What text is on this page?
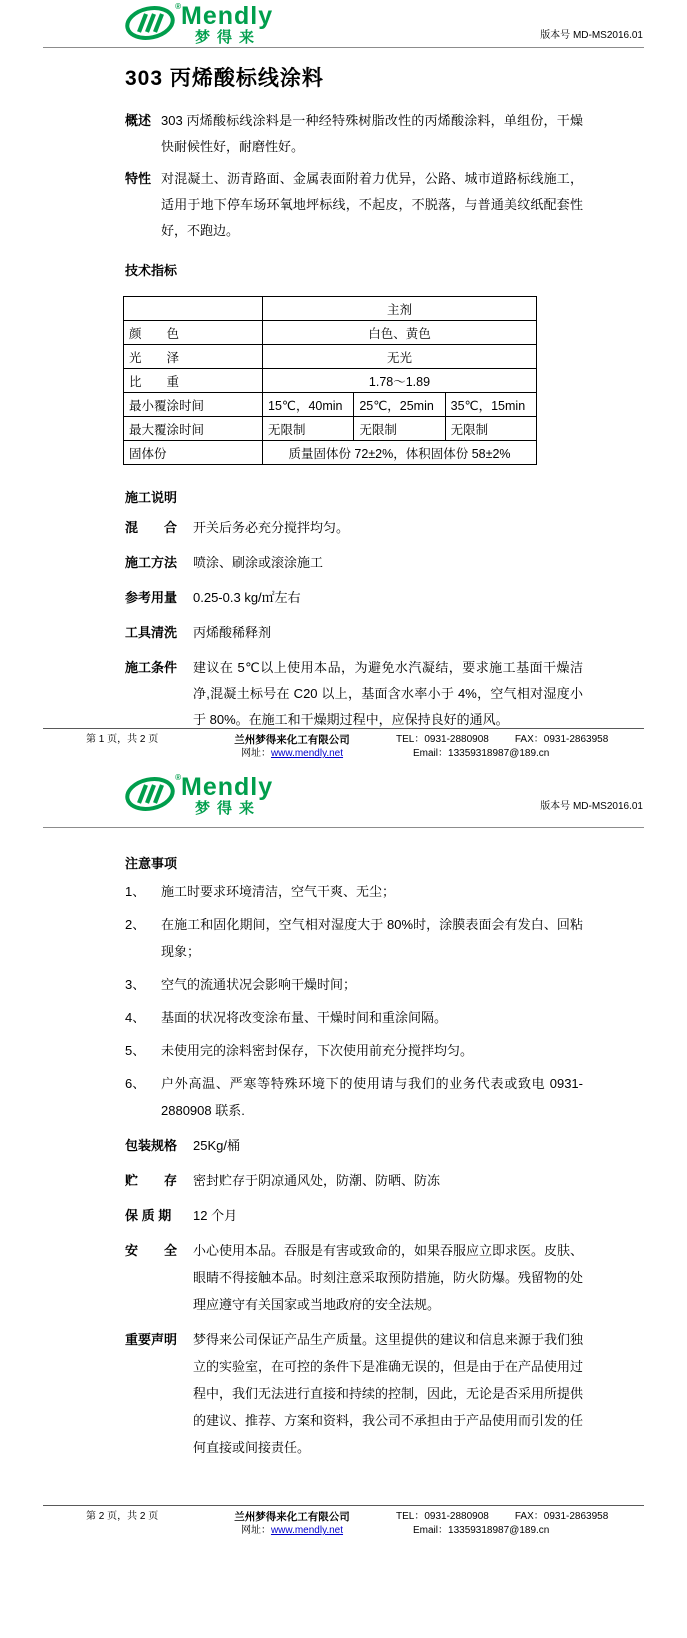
® Mendly
梦得来	版本号 MD-MS2016.01
303 丙烯酸标线涂料
概述 303 丙烯酸标线涂料是一种经特殊树脂改性的丙烯酸涂料，单组份，干燥快耐候性好，耐磨性好。
特性 对混凝土、沥青路面、金属表面附着力优异，公路、城市道路标线施工，适用于地下停车场环氧地坪标线，不起皮，不脱落，与普通美纹纸配套性好，不跑边。
技术指标
	主剂		
颜　　色	白色、黄色		
光　　泽	无光		
比　　重	1.78～1.89		
最小覆涂时间	15℃，40min	25℃，25min	35℃，15min
最大覆涂时间	无限制	无限制	无限制
固体份	质量固体份 72±2%，体积固体份 58±2%		
施工说明
混　　合	开关后务必充分搅拌均匀。
施工方法	喷涂、刷涂或滚涂施工
参考用量	0.25-0.3 kg/㎡左右
工具清洗	丙烯酸稀释剂
施工条件	建议在 5℃以上使用本品，为避免水汽凝结，要求施工基面干燥洁净,混凝土标号在 C20 以上，基面含水率小于 4%，空气相对湿度小于 80%。在施工和干燥期过程中，应保持良好的通风。
第 1 页，共 2 页	兰州梦得来化工有限公司
网址：www.mendly.net
TEL：0931-2880908	FAX：0931-2863958
Email：13359318987@189.cn
® Mendly
梦得来	版本号 MD-MS2016.01
注意事项
1、	施工时要求环境清洁，空气干爽、无尘；
2、	在施工和固化期间，空气相对湿度大于 80%时，涂膜表面会有发白、回粘现象；
3、	空气的流通状况会影响干燥时间；
4、	基面的状况将改变涂布量、干燥时间和重涂间隔。
5、	未使用完的涂料密封保存，下次使用前充分搅拌均匀。
6、	户外高温、严寒等特殊环境下的使用请与我们的业务代表或致电 0931-2880908 联系.
包装规格	25Kg/桶
贮　　存	密封贮存于阴凉通风处，防潮、防晒、防冻
保 质 期	12 个月
安　　全	小心使用本品。吞服是有害或致命的，如果吞服应立即求医。皮肤、眼睛不得接触本品。时刻注意采取预防措施，防火防爆。残留物的处理应遵守有关国家或当地政府的安全法规。
重要声明	梦得来公司保证产品生产质量。这里提供的建议和信息来源于我们独立的实验室，在可控的条件下是准确无误的，但是由于在产品使用过程中，我们无法进行直接和持续的控制，因此，无论是否采用所提供的建议、推荐、方案和资料，我公司不承担由于产品使用而引发的任何直接或间接责任。
第 2 页，共 2 页	兰州梦得来化工有限公司
网址：www.mendly.net
TEL：0931-2880908	FAX：0931-2863958
Email：13359318987@189.cn
